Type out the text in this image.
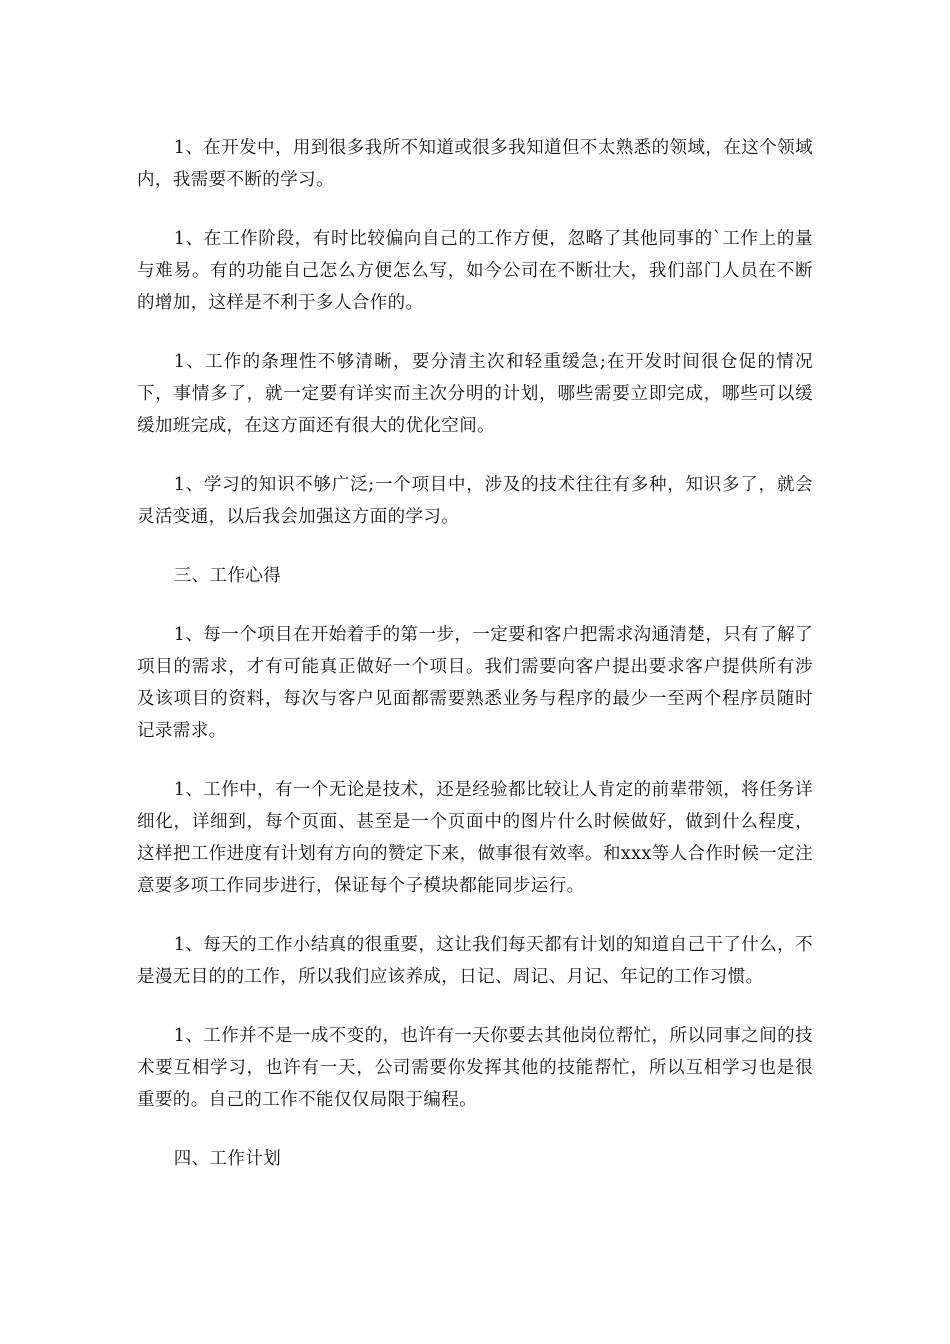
1、在开发中，用到很多我所不知道或很多我知道但不太熟悉的领域，在这个领域内，我需要不断的学习。

1、在工作阶段，有时比较偏向自己的工作方便，忽略了其他同事的`工作上的量与难易。有的功能自己怎么方便怎么写，如今公司在不断壮大，我们部门人员在不断的增加，这样是不利于多人合作的。

1、工作的条理性不够清晰，要分清主次和轻重缓急;在开发时间很仓促的情况下，事情多了，就一定要有详实而主次分明的计划，哪些需要立即完成，哪些可以缓缓加班完成，在这方面还有很大的优化空间。

1、学习的知识不够广泛;一个项目中，涉及的技术往往有多种，知识多了，就会灵活变通，以后我会加强这方面的学习。

三、工作心得

1、每一个项目在开始着手的第一步，一定要和客户把需求沟通清楚，只有了解了项目的需求，才有可能真正做好一个项目。我们需要向客户提出要求客户提供所有涉及该项目的资料，每次与客户见面都需要熟悉业务与程序的最少一至两个程序员随时记录需求。

1、工作中，有一个无论是技术，还是经验都比较让人肯定的前辈带领，将任务详细化，详细到，每个页面、甚至是一个页面中的图片什么时候做好，做到什么程度，这样把工作进度有计划有方向的赞定下来，做事很有效率。和xxx等人合作时候一定注意要多项工作同步进行，保证每个子模块都能同步运行。

1、每天的工作小结真的很重要，这让我们每天都有计划的知道自己干了什么，不是漫无目的的工作，所以我们应该养成，日记、周记、月记、年记的工作习惯。

1、工作并不是一成不变的，也许有一天你要去其他岗位帮忙，所以同事之间的技术要互相学习，也许有一天，公司需要你发挥其他的技能帮忙，所以互相学习也是很重要的。自己的工作不能仅仅局限于编程。

四、工作计划
